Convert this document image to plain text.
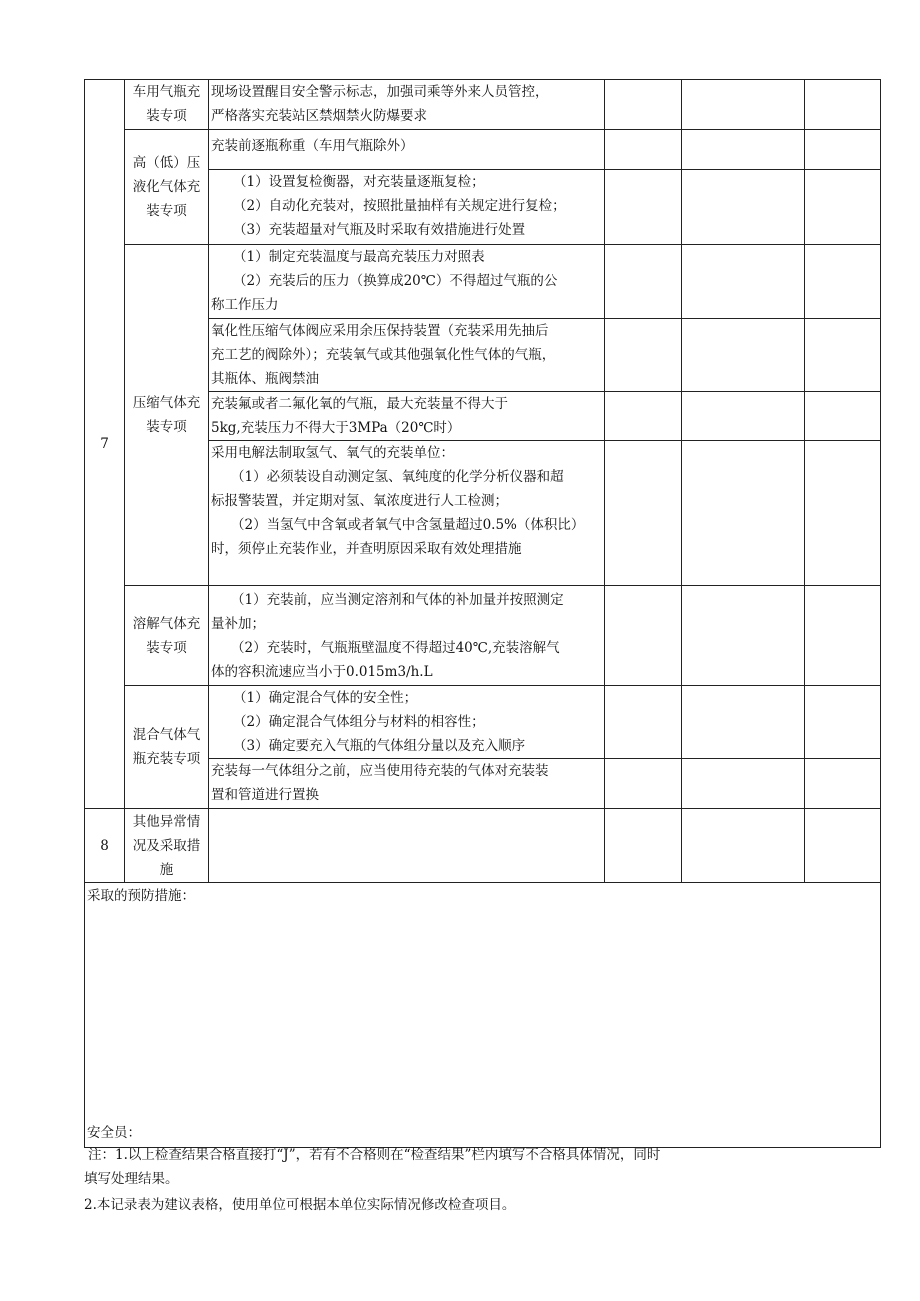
7	车用气瓶充
装专项	现场设置醒目安全警示标志，加强司乘等外来人员管控，
严格落实充装站区禁烟禁火防爆要求			

	高（低）压
液化气体充
装专项	充装前逐瓶称重（车用气瓶除外）			

		（1）设置复检衡器，对充装量逐瓶复检；
（2）自动化充装对，按照批量抽样有关规定进行复检；
（3）充装超量对气瓶及时采取有效措施进行处置			

	压缩气体充
装专项	（1）制定充装温度与最高充装压力对照表
（2）充装后的压力（换算成20℃）不得超过气瓶的公
称工作压力			

		氧化性压缩气体阀应采用余压保持装置（充装采用先抽后
充工艺的阀除外）；充装氧气或其他强氧化性气体的气瓶，
其瓶体、瓶阀禁油			

		充装氟或者二氟化氧的气瓶，最大充装量不得大于
5kg,充装压力不得大于3MPa（20℃时）			

		采用电解法制取氢气、氧气的充装单位：
（1）必须装设自动测定氢、氧纯度的化学分析仪器和超
标报警装置，并定期对氢、氧浓度进行人工检测；
（2）当氢气中含氧或者氧气中含氢量超过0.5%（体积比）
时，须停止充装作业，并查明原因采取有效处理措施			

	溶解气体充
装专项	（1）充装前，应当测定溶剂和气体的补加量并按照测定
量补加；
（2）充装时，气瓶瓶壁温度不得超过40℃,充装溶解气
体的容积流速应当小于0.015m3∕h.L			

	混合气体气
瓶充装专项	（1）确定混合气体的安全性；
（2）确定混合气体组分与材料的相容性；
（3）确定要充入气瓶的气体组分量以及充入顺序			

		充装每一气体组分之前，应当使用待充装的气体对充装装
置和管道进行置换			

8	其他异常情
况及采取措
施				

采取的预防措施：
安全员：					
注：1.以上检查结果合格直接打“J”，若有不合格则在“检查结果”栏内填写不合格具体情况，同时
填写处理结果。
2.本记录表为建议表格，使用单位可根据本单位实际情况修改检查项目。
